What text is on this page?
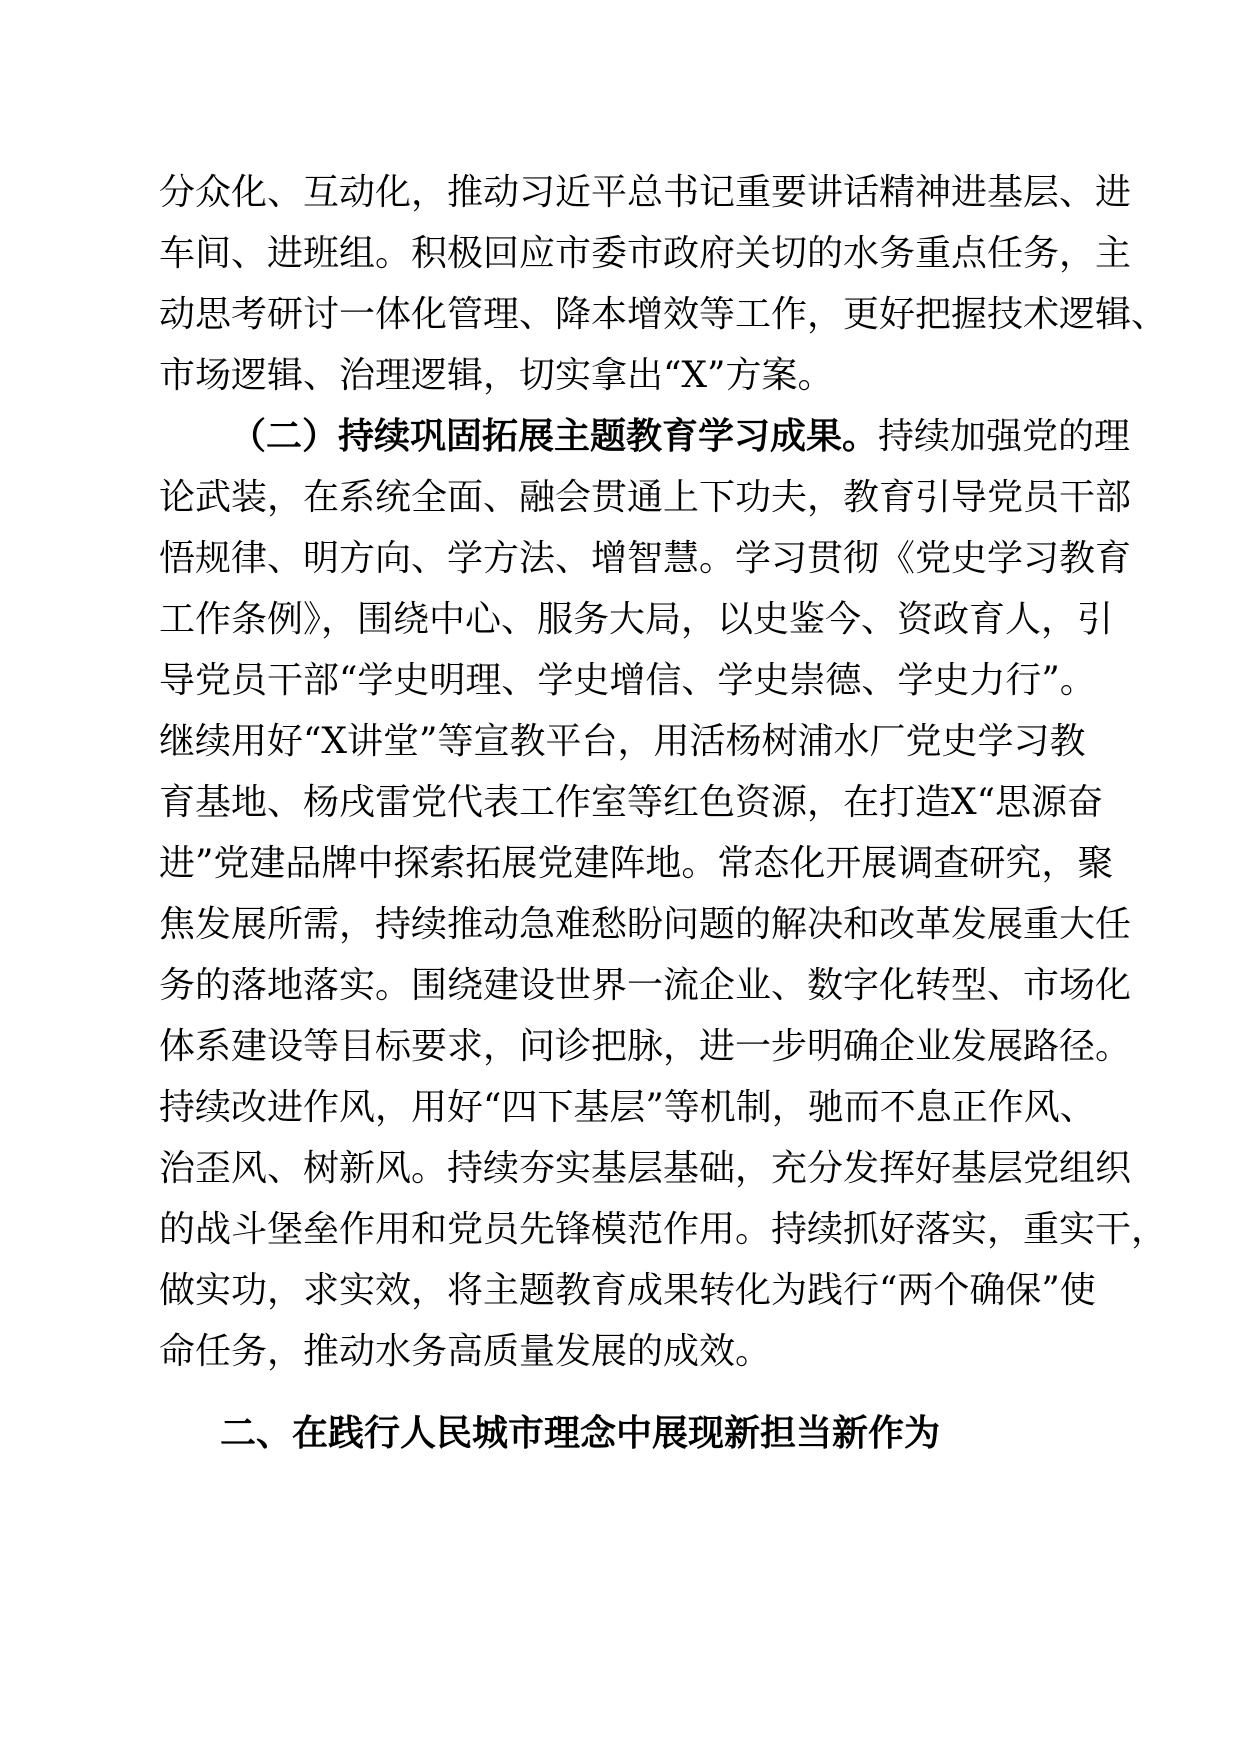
分众化、互动化，推动习近平总书记重要讲话精神进基层、进
车间、进班组。积极回应市委市政府关切的水务重点任务，主
动思考研讨一体化管理、降本增效等工作，更好把握技术逻辑、
市场逻辑、治理逻辑，切实拿出“X”方案。
（二）持续巩固拓展主题教育学习成果。持续加强党的理
论武装，在系统全面、融会贯通上下功夫，教育引导党员干部
悟规律、明方向、学方法、增智慧。学习贯彻《党史学习教育
工作条例》，围绕中心、服务大局，以史鉴今、资政育人，引
导党员干部“学史明理、学史增信、学史崇德、学史力行”。
继续用好“X讲堂”等宣教平台，用活杨树浦水厂党史学习教
育基地、杨戌雷党代表工作室等红色资源，在打造X“思源奋
进”党建品牌中探索拓展党建阵地。常态化开展调查研究，聚
焦发展所需，持续推动急难愁盼问题的解决和改革发展重大任
务的落地落实。围绕建设世界一流企业、数字化转型、市场化
体系建设等目标要求，问诊把脉，进一步明确企业发展路径。
持续改进作风，用好“四下基层”等机制，驰而不息正作风、
治歪风、树新风。持续夯实基层基础，充分发挥好基层党组织
的战斗堡垒作用和党员先锋模范作用。持续抓好落实，重实干，
做实功，求实效，将主题教育成果转化为践行“两个确保”使
命任务，推动水务高质量发展的成效。
二、在践行人民城市理念中展现新担当新作为
